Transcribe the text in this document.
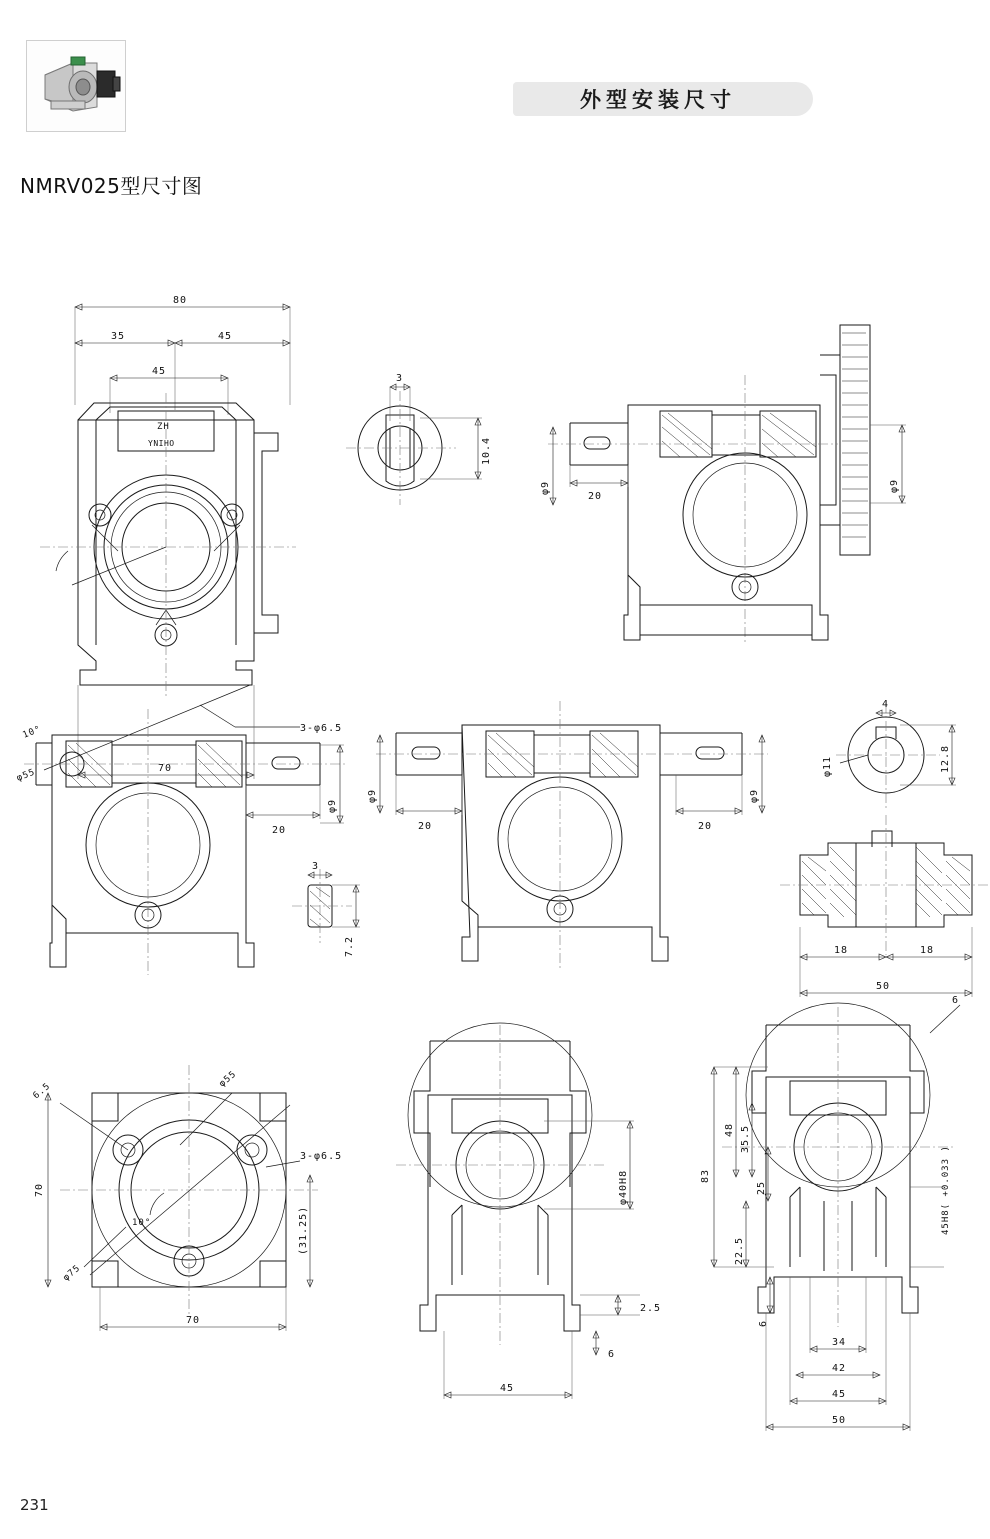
外型安装尺寸
NMRV025型尺寸图
80
35	45
45
ZH
YNIHO
10°
φ55
3-φ6.5
70
3
10.4
φ9
20
φ9
φ9
20
3
7.2
φ9
20
φ9
20
4
12.8
φ11
18	18
50
10°
6.5
φ55
3-φ6.5
φ75
70
70
(31.25)
φ40H8
2.5
6
45
6
83
48 35.5
25
22.5
6
45H8( +0.033 )
34
42
45
50
231
